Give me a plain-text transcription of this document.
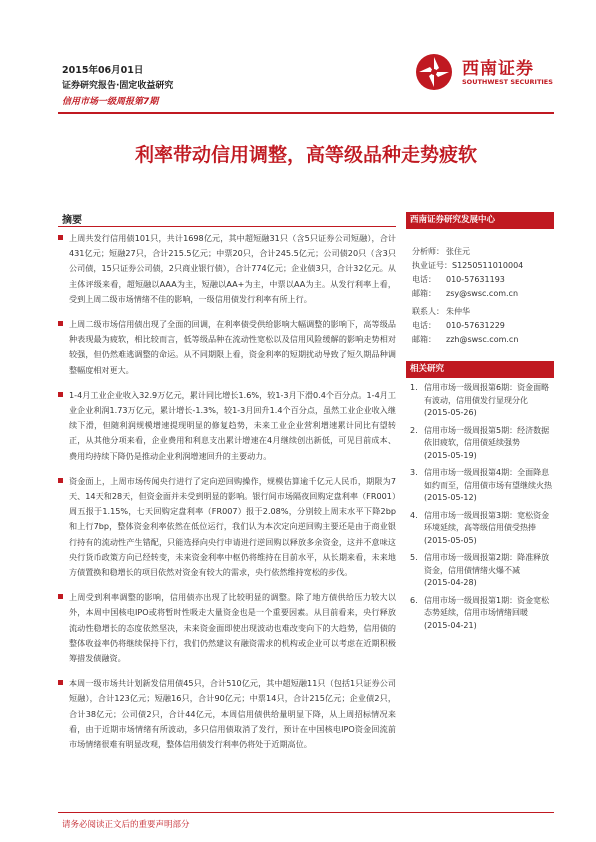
2015年06月01日
证券研究报告·固定收益研究
信用市场一级周报第7期
西南证券
SOUTHWEST SECURITIES
利率带动信用调整，高等级品种走势疲软
摘要
上周共发行信用债101只，共计1698亿元，其中超短融31只（含5只证券公司短融），合计431亿元；短融27只，合计215.5亿元；中票20只，合计245.5亿元；公司债20只（含3只公司债，15只证券公司债，2只商业银行债），合计774亿元；企业债3只，合计32亿元。从主体评级来看，超短融以AAA为主，短融以AA+为主，中票以AA为主。从发行利率上看，受到上周二级市场情绪不佳的影响，一级信用债发行利率有所上行。
上周二级市场信用债出现了全面的回调，在利率债受供给影响大幅调整的影响下，高等级品种表现最为疲软，相比较而言，低等级品种在流动性宽松以及信用风险缓解的影响走势相对较强，但仍然难逃调整的命运。从不同期限上看，资金利率的短期扰动导致了短久期品种调整幅度相对更大。
1-4月工业企业收入32.9万亿元，累计同比增长1.6%，较1-3月下滑0.4个百分点。1-4月工业企业利润1.73万亿元，累计增长-1.3%，较1-3月回升1.4个百分点，虽然工业企业收入继续下滑，但随利润规模增速提现明显的修复趋势，未来工业企业营利增速累计同比有望转正，从其他分项来看，企业费用和利息支出累计增速在4月继续创出新低，可见目前成本、费用均持续下降仍是推动企业利润增速回升的主要动力。
资金面上，上周市场传闻央行进行了定向逆回购操作，规模估算逾千亿元人民币，期限为7天、14天和28天，但资金面并未受到明显的影响。银行间市场隔夜回购定盘利率（FR001）周五报于1.15%，七天回购定盘利率（FR007）报于2.08%，分别较上周末水平下降2bp和上行7bp，整体资金利率依然在低位运行，我们认为本次定向逆回购主要还是由于商业银行持有的流动性产生错配，只能选择向央行申请进行逆回购以释放多余资金，这并不意味这央行货币政策方向已经转变，未来资金利率中枢仍将维持在目前水平，从长期来看，未来地方债置换和稳增长的项目依然对资金有较大的需求，央行依然维持宽松的步伐。
上周受到利率调整的影响，信用债亦出现了比较明显的调整。除了地方债供给压力较大以外，本周中国核电IPO或将暂时性吸走大量资金也是一个重要因素。从目前看来，央行释放流动性稳增长的态度依然坚决，未来资金面即使出现波动也难改变向下的大趋势，信用债的整体收益率仍将继续保持下行，我们仍然建议有融资需求的机构或企业可以考虑在近期积极筹措发债融资。
本周一级市场共计划新发信用债45只，合计510亿元，其中超短融11只（包括1只证券公司短融），合计123亿元；短融16只，合计90亿元；中票14只，合计215亿元；企业债2只，合计38亿元；公司债2只，合计44亿元，本周信用债供给量明显下降，从上周招标情况来看，由于近期市场情绪有所波动，多只信用债取消了发行，预计在中国核电IPO资金回流前市场情绪很难有明显改观，整体信用债发行利率仍将处于近期高位。
西南证券研究发展中心
分析师： 张住元
执业证号：S1250511010004
电话： 010-57631193
邮箱： zsy@swsc.com.cn
联系人： 朱仲华
电话： 010-57631229
邮箱： zzh@swsc.com.cn
相关研究
1. 信用市场一级周报第6期：资金面略有波动，信用债发行显现分化
(2015-05-26)
2. 信用市场一级周报第5期：经济数据依旧疲软，信用债延续强势
(2015-05-19)
3. 信用市场一级周报第4期：全面降息如约而至，信用债市场有望继续火热
(2015-05-12)
4. 信用市场一级周报第3期：宽松资金环境延续，高等级信用债受热捧
(2015-05-05)
5. 信用市场一级周报第2期：降准释放资金，信用债情绪火爆不减
(2015-04-28)
6. 信用市场一级周报第1期：资金宽松态势延续，信用市场情绪回暖
(2015-04-21)
请务必阅读正文后的重要声明部分
